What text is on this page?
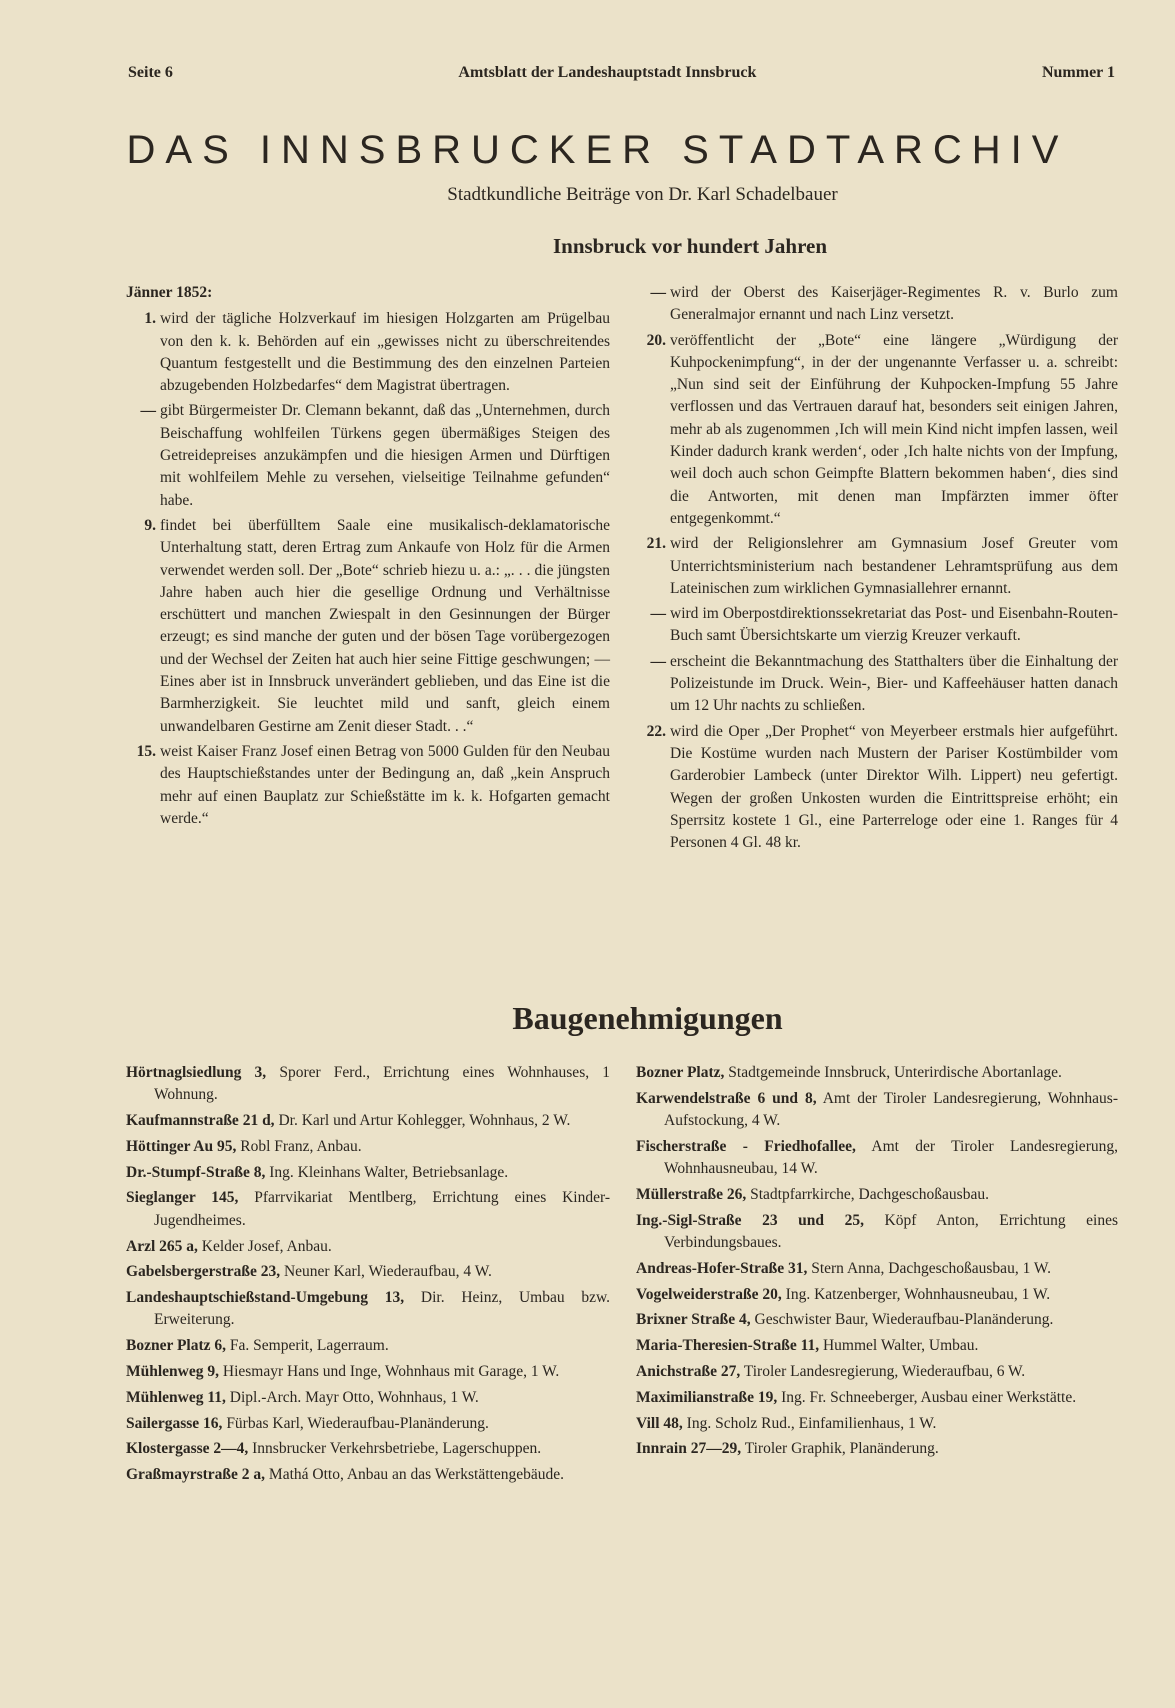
Seite 6	Amtsblatt der Landeshauptstadt Innsbruck	Nummer 1
DAS INNSBRUCKER STADTARCHIV
Stadtkundliche Beiträge von Dr. Karl Schadelbauer
Innsbruck vor hundert Jahren
Jänner 1852:
1. wird der tägliche Holzverkauf im hiesigen Holzgarten am Prügelbau von den k. k. Behörden auf ein „gewisses nicht zu überschreitendes Quantum festgestellt und die Bestimmung des den einzelnen Parteien abzugebenden Holzbedarfes“ dem Magistrat übertragen.
— gibt Bürgermeister Dr. Clemann bekannt, daß das „Unternehmen, durch Beischaffung wohlfeilen Türkens gegen übermäßiges Steigen des Getreidepreises anzukämpfen und die hiesigen Armen und Dürftigen mit wohlfeilem Mehle zu versehen, vielseitige Teilnahme gefunden“ habe.
9. findet bei überfülltem Saale eine musikalisch-deklamatorische Unterhaltung statt, deren Ertrag zum Ankaufe von Holz für die Armen verwendet werden soll. Der „Bote“ schrieb hiezu u. a.: „. . . die jüngsten Jahre haben auch hier die gesellige Ordnung und Verhältnisse erschüttert und manchen Zwiespalt in den Gesinnungen der Bürger erzeugt; es sind manche der guten und der bösen Tage vorübergezogen und der Wechsel der Zeiten hat auch hier seine Fittige geschwungen; — Eines aber ist in Innsbruck unverändert geblieben, und das Eine ist die Barmherzigkeit. Sie leuchtet mild und sanft, gleich einem unwandelbaren Gestirne am Zenit dieser Stadt. . .“
15. weist Kaiser Franz Josef einen Betrag von 5000 Gulden für den Neubau des Hauptschießstandes unter der Bedingung an, daß „kein Anspruch mehr auf einen Bauplatz zur Schießstätte im k. k. Hofgarten gemacht werde.“
— wird der Oberst des Kaiserjäger-Regimentes R. v. Burlo zum Generalmajor ernannt und nach Linz versetzt.
20. veröffentlicht der „Bote“ eine längere „Würdigung der Kuhpockenimpfung“, in der der ungenannte Verfasser u. a. schreibt: „Nun sind seit der Einführung der Kuhpocken-Impfung 55 Jahre verflossen und das Vertrauen darauf hat, besonders seit einigen Jahren, mehr ab als zugenommen ‚Ich will mein Kind nicht impfen lassen, weil Kinder dadurch krank werden‘, oder ‚Ich halte nichts von der Impfung, weil doch auch schon Geimpfte Blattern bekommen haben‘, dies sind die Antworten, mit denen man Impfärzten immer öfter entgegenkommt.“
21. wird der Religionslehrer am Gymnasium Josef Greuter vom Unterrichtsministerium nach bestandener Lehramtsprüfung aus dem Lateinischen zum wirklichen Gymnasiallehrer ernannt.
— wird im Oberpostdirektionssekretariat das Post- und Eisenbahn-Routen-Buch samt Übersichtskarte um vierzig Kreuzer verkauft.
— erscheint die Bekanntmachung des Statthalters über die Einhaltung der Polizeistunde im Druck. Wein-, Bier- und Kaffeehäuser hatten danach um 12 Uhr nachts zu schließen.
22. wird die Oper „Der Prophet“ von Meyerbeer erstmals hier aufgeführt. Die Kostüme wurden nach Mustern der Pariser Kostümbilder vom Garderobier Lambeck (unter Direktor Wilh. Lippert) neu gefertigt. Wegen der großen Unkosten wurden die Eintrittspreise erhöht; ein Sperrsitz kostete 1 Gl., eine Parterreloge oder eine 1. Ranges für 4 Personen 4 Gl. 48 kr.
Baugenehmigungen
Hörtnaglsiedlung 3, Sporer Ferd., Errichtung eines Wohnhauses, 1 Wohnung.
Kaufmannstraße 21 d, Dr. Karl und Artur Kohlegger, Wohnhaus, 2 W.
Höttinger Au 95, Robl Franz, Anbau.
Dr.-Stumpf-Straße 8, Ing. Kleinhans Walter, Betriebsanlage.
Sieglanger 145, Pfarrvikariat Mentlberg, Errichtung eines Kinder-Jugendheimes.
Arzl 265 a, Kelder Josef, Anbau.
Gabelsbergerstraße 23, Neuner Karl, Wiederaufbau, 4 W.
Landeshauptschießstand-Umgebung 13, Dir. Heinz, Umbau bzw. Erweiterung.
Bozner Platz 6, Fa. Semperit, Lagerraum.
Mühlenweg 9, Hiesmayr Hans und Inge, Wohnhaus mit Garage, 1 W.
Mühlenweg 11, Dipl.-Arch. Mayr Otto, Wohnhaus, 1 W.
Sailergasse 16, Fürbas Karl, Wiederaufbau-Planänderung.
Klostergasse 2—4, Innsbrucker Verkehrsbetriebe, Lagerschuppen.
Graßmayrstraße 2 a, Mathá Otto, Anbau an das Werkstättengebäude.
Bozner Platz, Stadtgemeinde Innsbruck, Unterirdische Abortanlage.
Karwendelstraße 6 und 8, Amt der Tiroler Landesregierung, Wohnhaus-Aufstockung, 4 W.
Fischerstraße - Friedhofallee, Amt der Tiroler Landesregierung, Wohnhausneubau, 14 W.
Müllerstraße 26, Stadtpfarrkirche, Dachgeschoßausbau.
Ing.-Sigl-Straße 23 und 25, Köpf Anton, Errichtung eines Verbindungsbaues.
Andreas-Hofer-Straße 31, Stern Anna, Dachgeschoßausbau, 1 W.
Vogelweiderstraße 20, Ing. Katzenberger, Wohnhausneubau, 1 W.
Brixner Straße 4, Geschwister Baur, Wiederaufbau-Planänderung.
Maria-Theresien-Straße 11, Hummel Walter, Umbau.
Anichstraße 27, Tiroler Landesregierung, Wiederaufbau, 6 W.
Maximilianstraße 19, Ing. Fr. Schneeberger, Ausbau einer Werkstätte.
Vill 48, Ing. Scholz Rud., Einfamilienhaus, 1 W.
Innrain 27—29, Tiroler Graphik, Planänderung.
